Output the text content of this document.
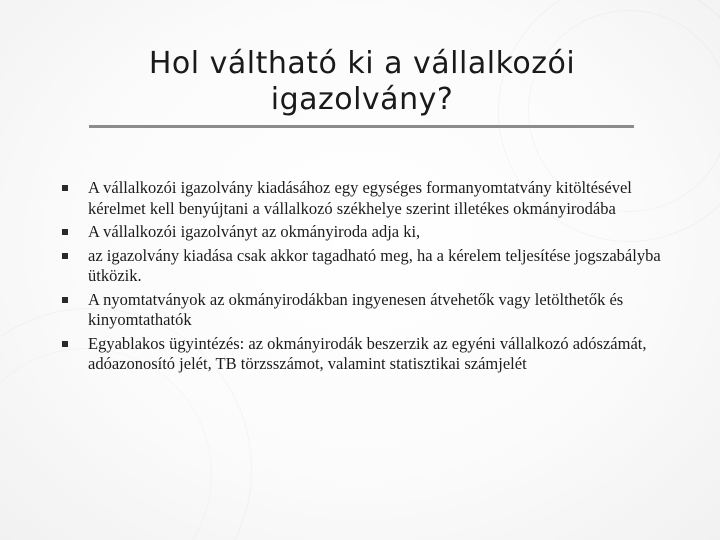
Hol váltható ki a vállalkozói
igazolvány?
A vállalkozói igazolvány kiadásához egy egységes formanyomtatvány kitöltésével kérelmet kell benyújtani a vállalkozó székhelye szerint illetékes okmányirodába
A vállalkozói igazolványt az okmányiroda adja ki,
az igazolvány kiadása csak akkor tagadható meg, ha a kérelem teljesítése jogszabályba ütközik.
A nyomtatványok az okmányirodákban ingyenesen átvehetők vagy letölthetők és kinyomtathatók
Egyablakos ügyintézés: az okmányirodák beszerzik az egyéni vállalkozó adószámát, adóazonosító jelét, TB törzsszámot, valamint statisztikai számjelét
